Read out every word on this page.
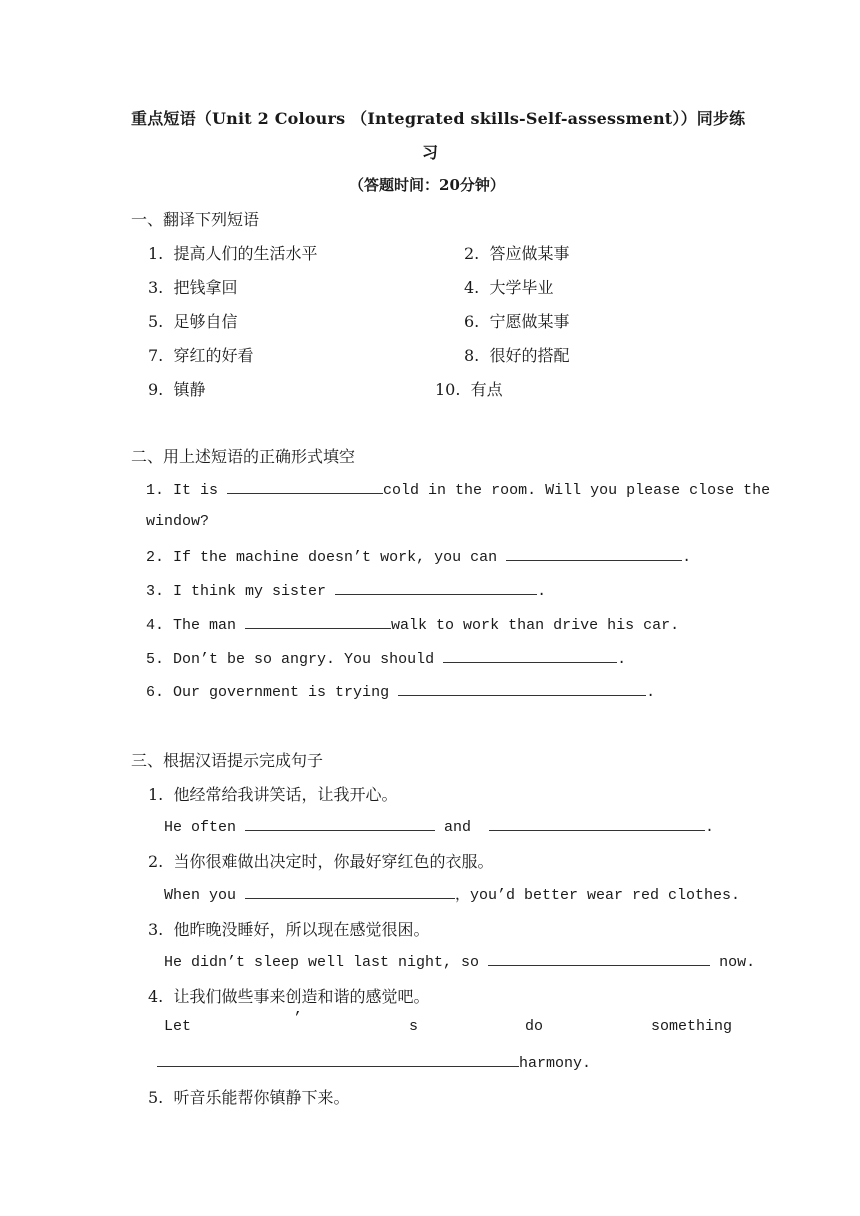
重点短语（Unit 2 Colours （Integrated skills-Self-assessment））同步练
习
（答题时间：20分钟）
一、翻译下列短语
1. 提高人们的生活水平	2. 答应做某事
3. 把钱拿回	4. 大学毕业
5. 足够自信	6. 宁愿做某事
7. 穿红的好看	8. 很好的搭配
9. 镇静	10. 有点
二、用上述短语的正确形式填空
1. It is	cold in the room. Will you please close the
window?
2. If the machine doesn’t work, you can	.
3. I think my sister	.
4. The man	walk to work than drive his car.
5. Don’t be so angry. You should	.
6. Our government is trying	.
三、根据汉语提示完成句子
1. 他经常给我讲笑话，让我开心。
He often	and	.
2. 当你很难做出决定时，你最好穿红色的衣服。
When you	，you’d better wear red clothes.
3. 他昨晚没睡好，所以现在感觉很困。
He didn’t sleep well last night, so	now.
4. 让我们做些事来创造和谐的感觉吧。
Let	’	s	do	something
harmony.
5. 听音乐能帮你镇静下来。
